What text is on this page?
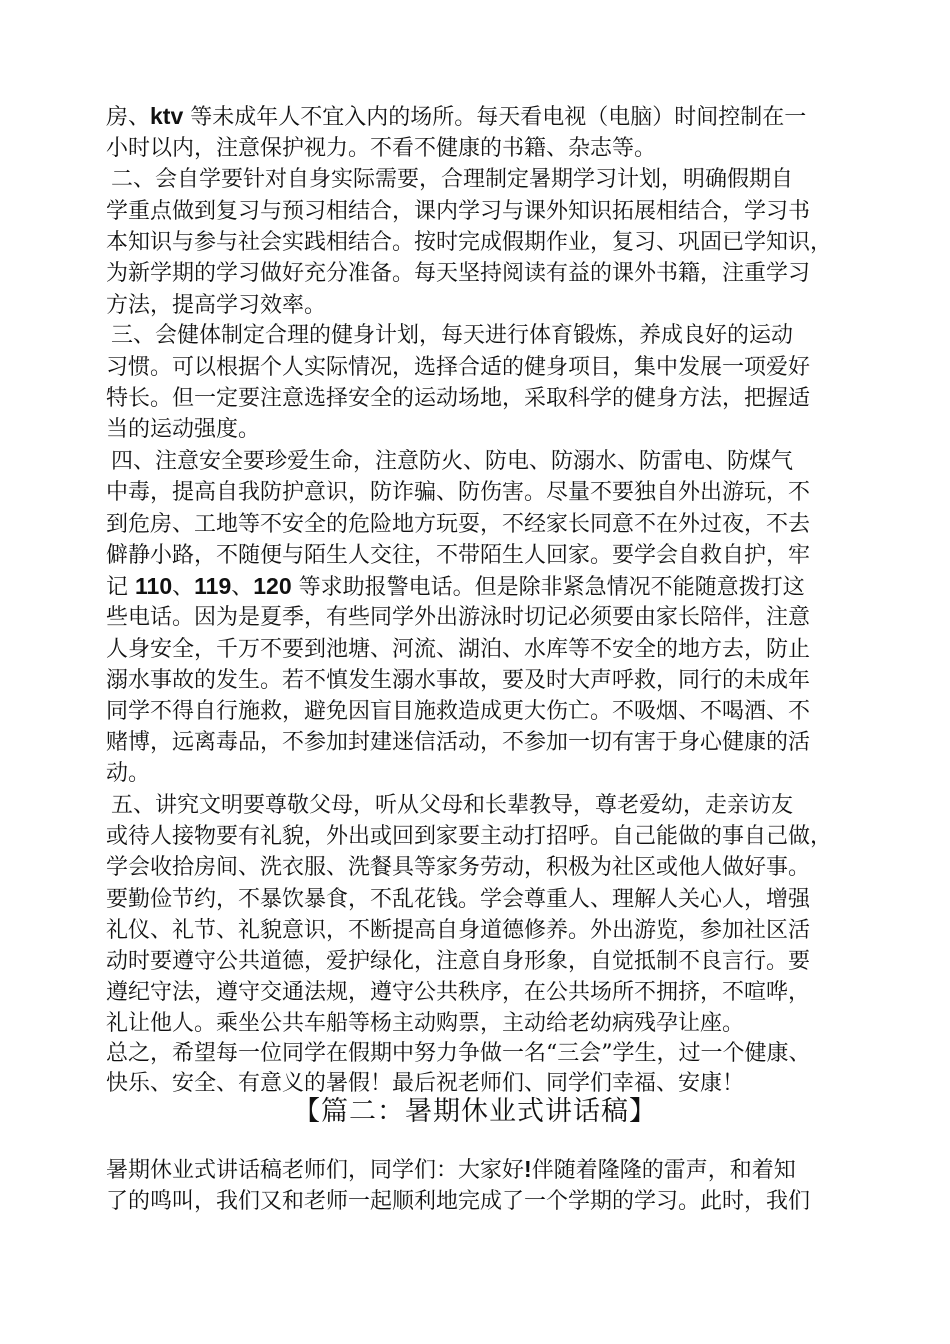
房、ktv 等未成年人不宜入内的场所。每天看电视（电脑）时间控制在一
小时以内，注意保护视力。不看不健康的书籍、杂志等。
二、会自学要针对自身实际需要，合理制定暑期学习计划，明确假期自
学重点做到复习与预习相结合，课内学习与课外知识拓展相结合，学习书
本知识与参与社会实践相结合。按时完成假期作业，复习、巩固已学知识，
为新学期的学习做好充分准备。每天坚持阅读有益的课外书籍，注重学习
方法，提高学习效率。
三、会健体制定合理的健身计划，每天进行体育锻炼，养成良好的运动
习惯。可以根据个人实际情况，选择合适的健身项目，集中发展一项爱好
特长。但一定要注意选择安全的运动场地，采取科学的健身方法，把握适
当的运动强度。
四、注意安全要珍爱生命，注意防火、防电、防溺水、防雷电、防煤气
中毒，提高自我防护意识，防诈骗、防伤害。尽量不要独自外出游玩，不
到危房、工地等不安全的危险地方玩耍，不经家长同意不在外过夜，不去
僻静小路，不随便与陌生人交往，不带陌生人回家。要学会自救自护，牢
记 110、119、120 等求助报警电话。但是除非紧急情况不能随意拨打这
些电话。因为是夏季，有些同学外出游泳时切记必须要由家长陪伴，注意
人身安全，千万不要到池塘、河流、湖泊、水库等不安全的地方去，防止
溺水事故的发生。若不慎发生溺水事故，要及时大声呼救，同行的未成年
同学不得自行施救，避免因盲目施救造成更大伤亡。不吸烟、不喝酒、不
赌博，远离毒品，不参加封建迷信活动，不参加一切有害于身心健康的活
动。
五、讲究文明要尊敬父母，听从父母和长辈教导，尊老爱幼，走亲访友
或待人接物要有礼貌，外出或回到家要主动打招呼。自己能做的事自己做，
学会收拾房间、洗衣服、洗餐具等家务劳动，积极为社区或他人做好事。
要勤俭节约，不暴饮暴食，不乱花钱。学会尊重人、理解人关心人，增强
礼仪、礼节、礼貌意识，不断提高自身道德修养。外出游览，参加社区活
动时要遵守公共道德，爱护绿化，注意自身形象，自觉抵制不良言行。要
遵纪守法，遵守交通法规，遵守公共秩序，在公共场所不拥挤，不喧哗，
礼让他人。乘坐公共车船等杨主动购票，主动给老幼病残孕让座。
总之，希望每一位同学在假期中努力争做一名“三会”学生，过一个健康、
快乐、安全、有意义的暑假！最后祝老师们、同学们幸福、安康！
【篇二：暑期休业式讲话稿】
暑期休业式讲话稿老师们，同学们：大家好!伴随着隆隆的雷声，和着知
了的鸣叫，我们又和老师一起顺利地完成了一个学期的学习。此时，我们
